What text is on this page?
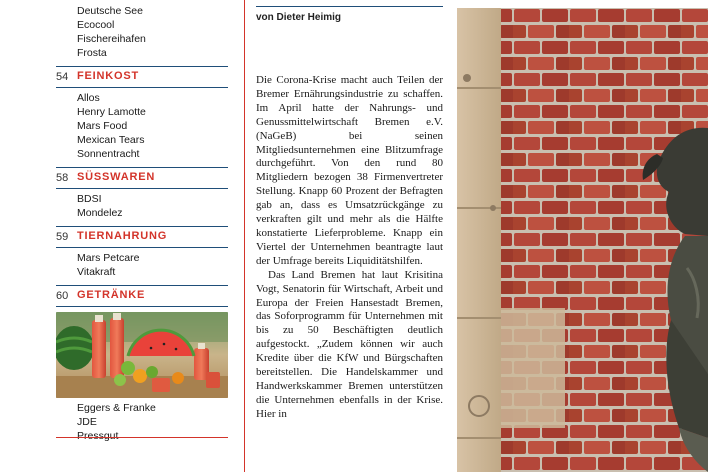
Deutsche See
Ecocool
Fischereihafen
Frosta
54 FEINKOST
Allos
Henry Lamotte
Mars Food
Mexican Tears
Sonnentracht
58 SÜSSWAREN
BDSI
Mondelez
59 TIERNAHRUNG
Mars Petcare
Vitakraft
60 GETRÄNKE
Eggers & Franke
JDE
Pressgut
von Dieter Heimig

Die Corona-Krise macht auch Teilen der Bremer Ernährungsindustrie zu schaffen. Im April hatte der Nahrungs- und Genussmittelwirtschaft Bremen e.V. (NaGeB) bei seinen Mitgliedsunternehmen eine Blitzumfrage durchgeführt. Von den rund 80 Mitgliedern bezogen 38 Firmenvertreter Stellung. Knapp 60 Prozent der Befragten gab an, dass es Umsatzrückgänge zu verkraften gilt und mehr als die Hälfte konstatierte Lieferprobleme. Knapp ein Viertel der Unternehmen beantragte laut der Umfrage bereits Liquiditätshilfen.

Das Land Bremen hat laut Krisitina Vogt, Senatorin für Wirtschaft, Arbeit und Europa der Freien Hansestadt Bremen, das Soforprogramm für Unternehmen mit bis zu 50 Beschäftigten deutlich aufgestockt. „Zudem können wir auch Kredite über die KfW und Bürgschaften bereitstellen. Die Handelskammer und Handwerkskammer Bremen unterstützen die Unternehmen ebenfalls in der Krise. Hier in
